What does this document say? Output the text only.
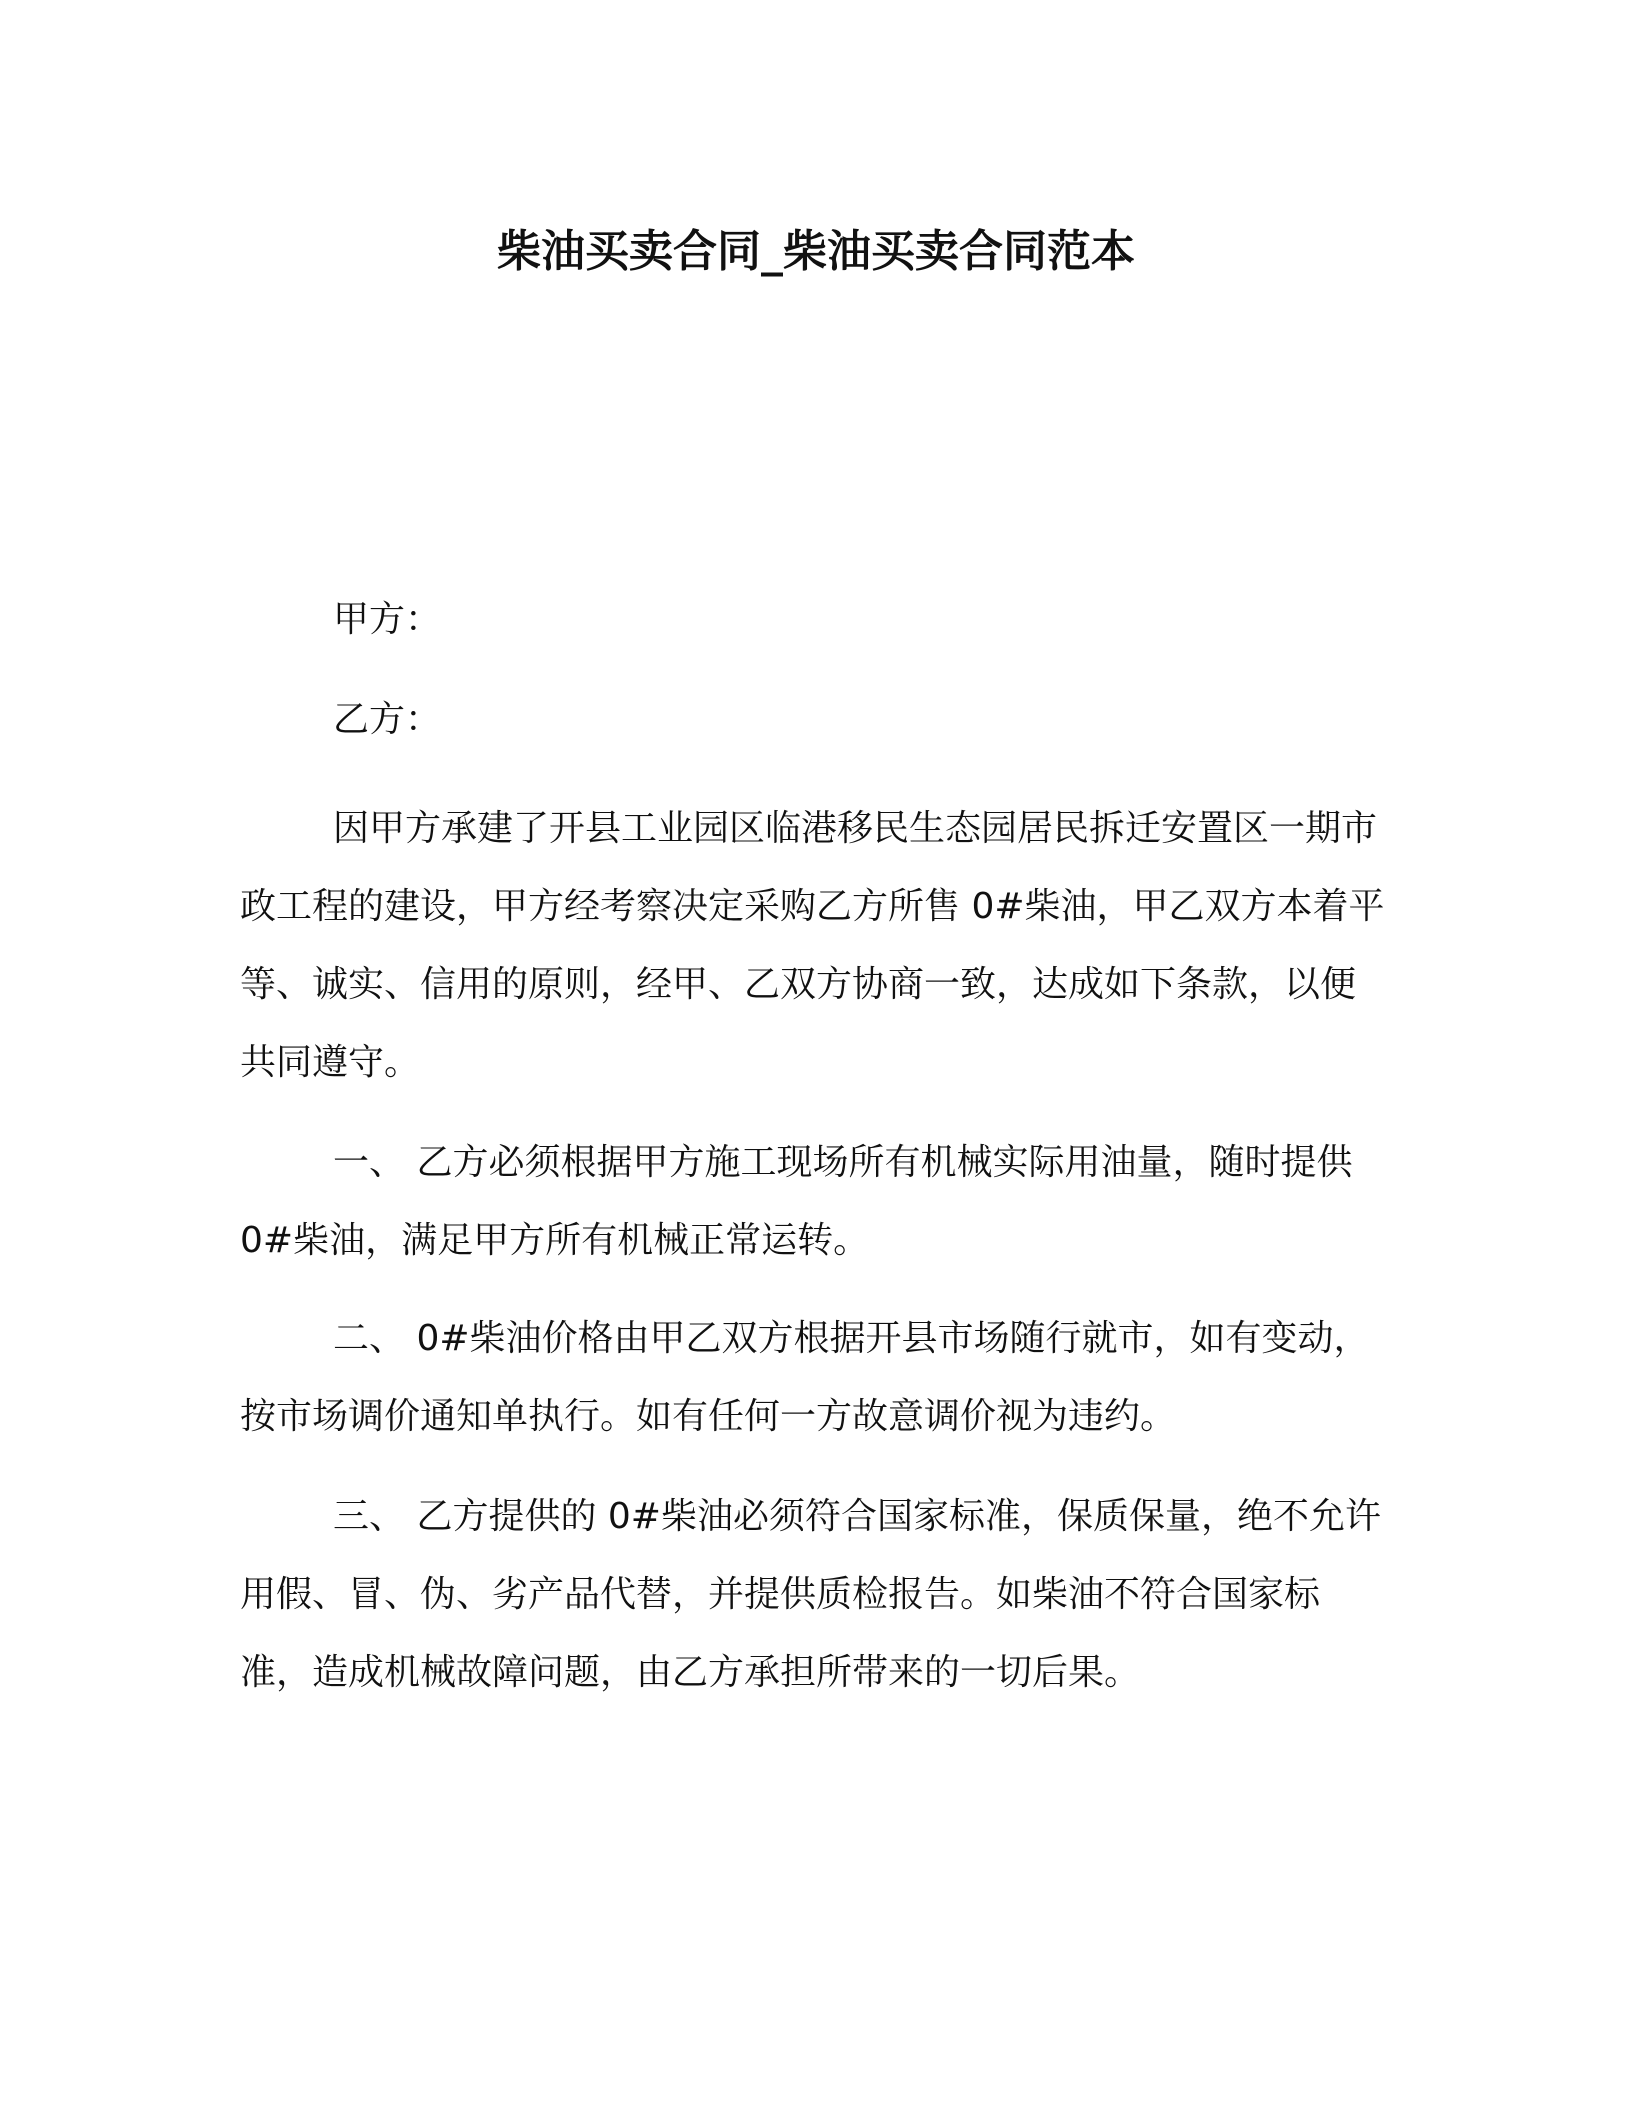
柴油买卖合同_柴油买卖合同范本
甲方：
乙方：

因甲方承建了开县工业园区临港移民生态园居民拆迁安置区一期市政工程的建设，甲方经考察决定采购乙方所售 0#柴油，甲乙双方本着平等、诚实、信用的原则，经甲、乙双方协商一致，达成如下条款，以便共同遵守。

一、 乙方必须根据甲方施工现场所有机械实际用油量，随时提供 0#柴油，满足甲方所有机械正常运转。

二、 0#柴油价格由甲乙双方根据开县市场随行就市，如有变动，按市场调价通知单执行。如有任何一方故意调价视为违约。

三、 乙方提供的 0#柴油必须符合国家标准，保质保量，绝不允许用假、冒、伪、劣产品代替，并提供质检报告。如柴油不符合国家标准，造成机械故障问题，由乙方承担所带来的一切后果。
